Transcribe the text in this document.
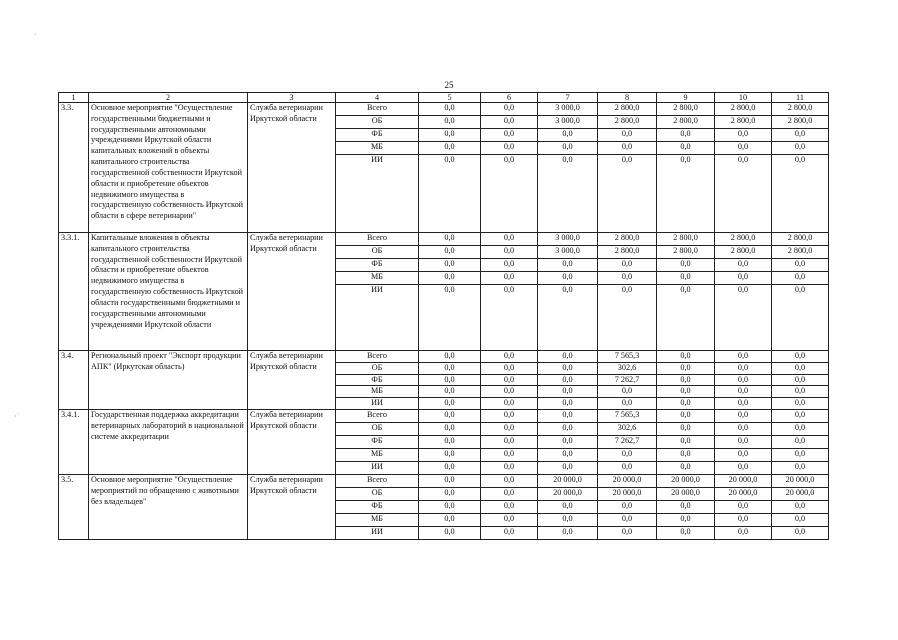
25
·˙
·
1	2	3	4	5	6	7	8	9	10	11
3.3.	Основное мероприятие "Осуществление государственными бюджетными и государственными автономными учреждениями Иркутской области капитальных вложений в объекты капитального строительства государственной собственности Иркутской области и приобретение объектов недвижимого имущества в государственную собственность Иркутской области в сфере ветеринарии"	Служба ветеринарии Иркутской области	Всего	0,0	0,0	3 000,0	2 800,0	2 800,0	2 800,0	2 800,0
			ОБ	0,0	0,0	3 000,0	2 800,0	2 800,0	2 800,0	2 800,0
			ФБ	0,0	0,0	0,0	0,0	0,0	0,0	0,0
			МБ	0,0	0,0	0,0	0,0	0,0	0,0	0,0
			ИИ	0,0	0,0	0,0	0,0	0,0	0,0	0,0
3.3.1.	Капитальные вложения в объекты капитального строительства государственной собственности Иркутской области и приобретение объектов недвижимого имущества в государственную собственность Иркутской области государственными бюджетными и государственными автономными учреждениями Иркутской области	Служба ветеринарии Иркутской области	Всего	0,0	0,0	3 000,0	2 800,0	2 800,0	2 800,0	2 800,0
			ОБ	0,0	0,0	3 000,0	2 800,0	2 800,0	2 800,0	2 800,0
			ФБ	0,0	0,0	0,0	0,0	0,0	0,0	0,0
			МБ	0,0	0,0	0,0	0,0	0,0	0,0	0,0
			ИИ	0,0	0,0	0,0	0,0	0,0	0,0	0,0
3.4.	Региональный проект "Экспорт продукции АПК" (Иркутская область)	Служба ветеринарии Иркутской области	Всего	0,0	0,0	0,0	7 565,3	0,0	0,0	0,0
			ОБ	0,0	0,0	0,0	302,6	0,0	0,0	0,0
			ФБ	0,0	0,0	0,0	7 262,7	0,0	0,0	0,0
			МБ	0,0	0,0	0,0	0,0	0,0	0,0	0,0
			ИИ	0,0	0,0	0,0	0,0	0,0	0,0	0,0
3.4.1.	Государственная поддержка аккредитации ветеринарных лабораторий в национальной системе аккредитации	Служба ветеринарии Иркутской области	Всего	0,0	0,0	0,0	7 565,3	0,0	0,0	0,0
			ОБ	0,0	0,0	0,0	302,6	0,0	0,0	0,0
			ФБ	0,0	0,0	0,0	7 262,7	0,0	0,0	0,0
			МБ	0,0	0,0	0,0	0,0	0,0	0,0	0,0
			ИИ	0,0	0,0	0,0	0,0	0,0	0,0	0,0
3.5.	Основное мероприятие "Осуществление мероприятий по обращению с животными без владельцев"	Служба ветеринарии Иркутской области	Всего	0,0	0,0	20 000,0	20 000,0	20 000,0	20 000,0	20 000,0
			ОБ	0,0	0,0	20 000,0	20 000,0	20 000,0	20 000,0	20 000,0
			ФБ	0,0	0,0	0,0	0,0	0,0	0,0	0,0
			МБ	0,0	0,0	0,0	0,0	0,0	0,0	0,0
			ИИ	0,0	0,0	0,0	0,0	0,0	0,0	0,0
